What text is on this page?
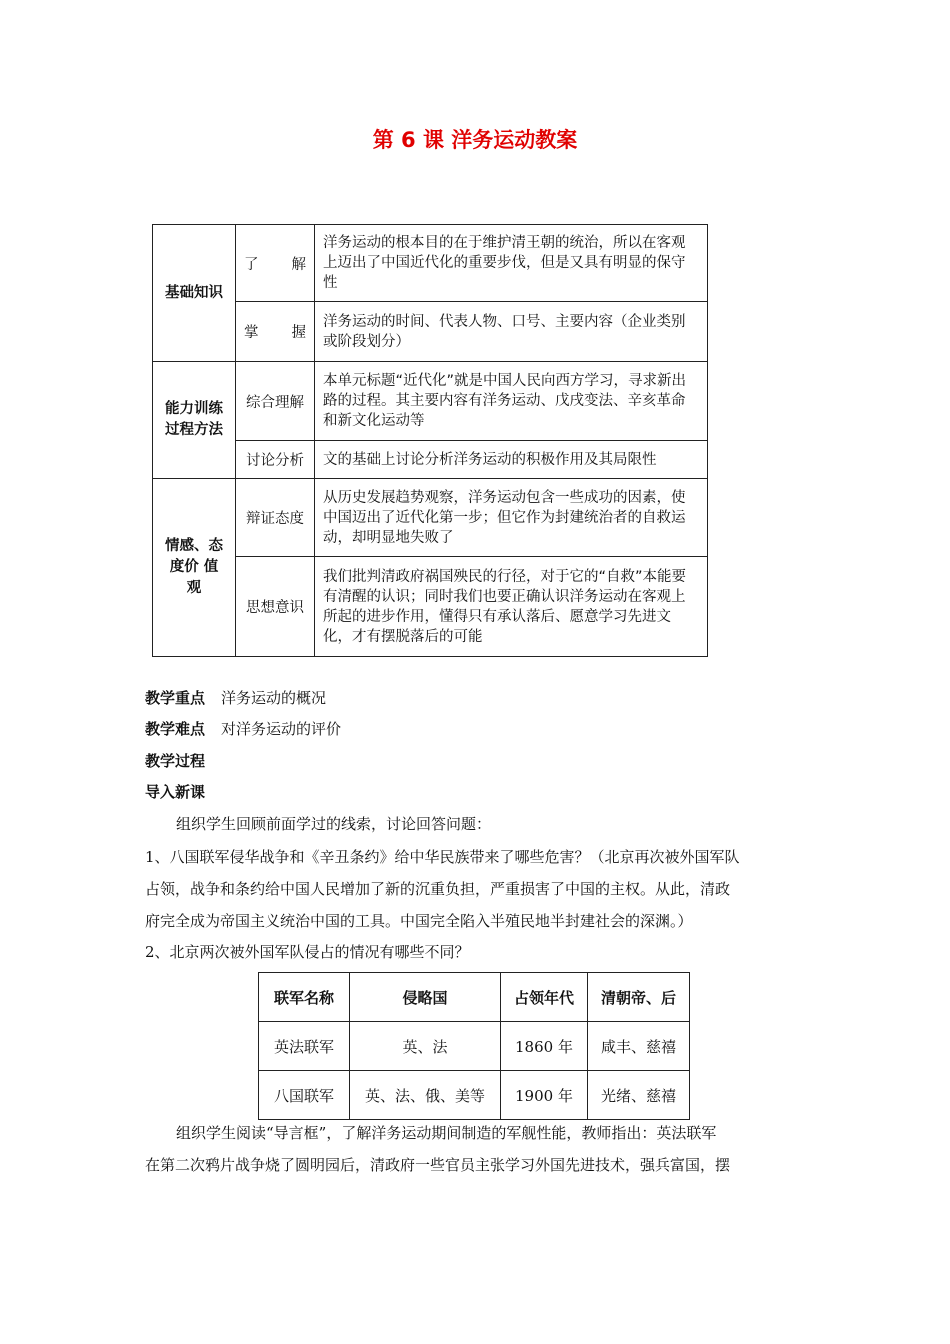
第 6 课 洋务运动教案
基础知识	了 解	洋务运动的根本目的在于维护清王朝的统治，所以在客观上迈出了中国近代化的重要步伐，但是又具有明显的保守性

	掌 握	洋务运动的时间、代表人物、口号、主要内容（企业类别或阶段划分）
能力训练
过程方法	综合理解	本单元标题“近代化”就是中国人民向西方学习，寻求新出路的过程。其主要内容有洋务运动、戊戌变法、辛亥革命和新文化运动等
	讨论分析	文的基础上讨论分析洋务运动的积极作用及其局限性
情感、态
度价 值
观	辩证态度	从历史发展趋势观察，洋务运动包含一些成功的因素，使中国迈出了近代化第一步；但它作为封建统治者的自救运动，却明显地失败了
	思想意识	我们批判清政府祸国殃民的行径，对于它的“自救”本能要有清醒的认识；同时我们也要正确认识洋务运动在客观上所起的进步作用，懂得只有承认落后、愿意学习先进文化，才有摆脱落后的可能
教学重点 洋务运动的概况
教学难点 对洋务运动的评价
教学过程
导入新课
组织学生回顾前面学过的线索，讨论回答问题：
1、八国联军侵华战争和《辛丑条约》给中华民族带来了哪些危害？（北京再次被外国军队
占领，战争和条约给中国人民增加了新的沉重负担，严重损害了中国的主权。从此，清政
府完全成为帝国主义统治中国的工具。中国完全陷入半殖民地半封建社会的深渊。）
2、北京两次被外国军队侵占的情况有哪些不同？
联军名称	侵略国	占领年代	清朝帝、后
英法联军	英、法	1860 年	咸丰、慈禧
八国联军	英、法、俄、美等	1900 年	光绪、慈禧
组织学生阅读“导言框”，了解洋务运动期间制造的军舰性能，教师指出：英法联军
在第二次鸦片战争烧了圆明园后，清政府一些官员主张学习外国先进技术，强兵富国，摆
